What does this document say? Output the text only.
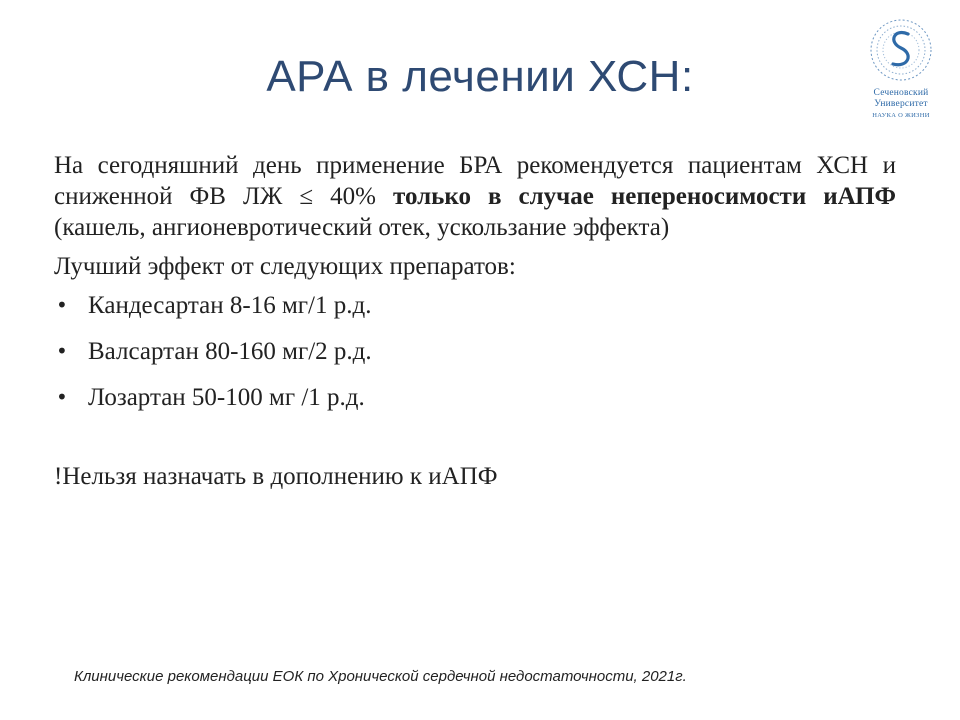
АРА в лечении ХСН:	Сеченовский
Университет
НАУКА О ЖИЗНИ

На сегодняшний день применение БРА рекомендуется пациентам ХСН и сниженной ФВ ЛЖ ≤ 40% только в случае непереносимости иАПФ (кашель, ангионевротический отек, ускользание эффекта)

Лучший эффект от следующих препаратов:
• Кандесартан 8-16 мг/1 р.д.
• Валсартан 80-160 мг/2 р.д.
• Лозартан 50-100 мг /1 р.д.
!Нельзя назначать в дополнению к иАПФ
Клинические рекомендации ЕОК по Хронической сердечной недостаточности, 2021г.
